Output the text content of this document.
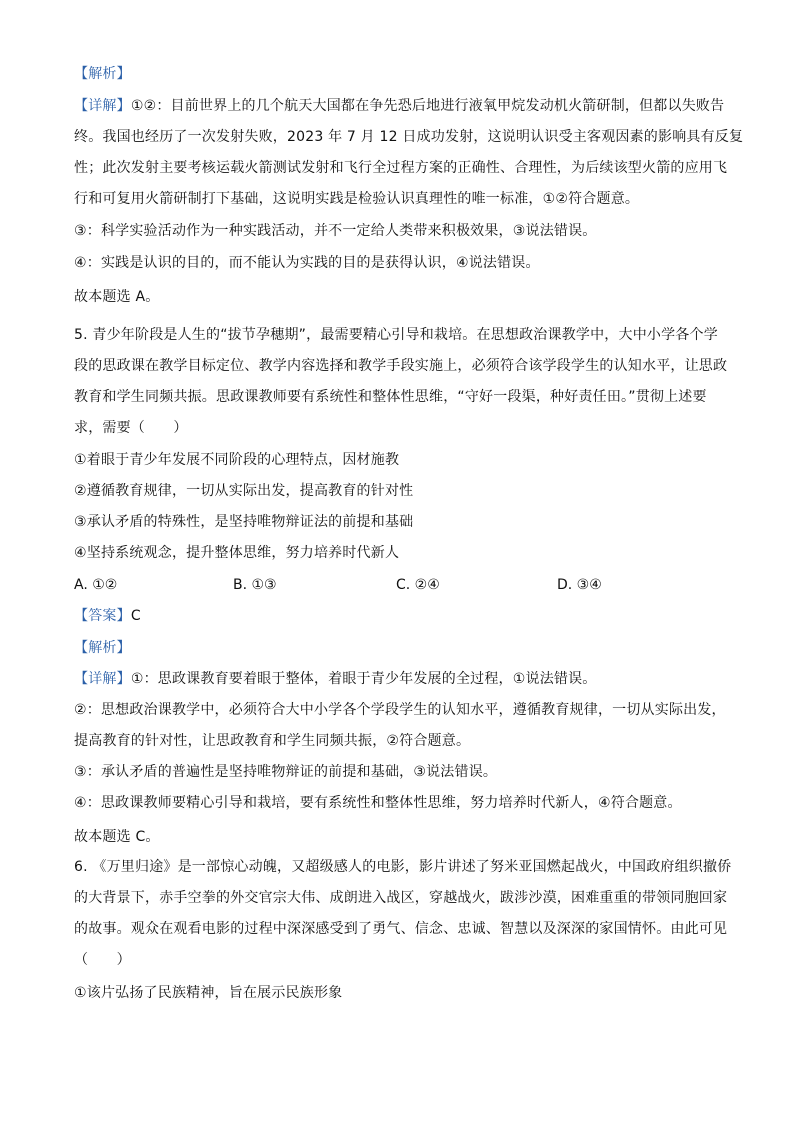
【解析】
【详解】①②：目前世界上的几个航天大国都在争先恐后地进行液氧甲烷发动机火箭研制，但都以失败告
终。我国也经历了一次发射失败，2023 年 7 月 12 日成功发射，这说明认识受主客观因素的影响具有反复
性；此次发射主要考核运载火箭测试发射和飞行全过程方案的正确性、合理性，为后续该型火箭的应用飞
行和可复用火箭研制打下基础，这说明实践是检验认识真理性的唯一标准，①②符合题意。
③：科学实验活动作为一种实践活动，并不一定给人类带来积极效果，③说法错误。
④：实践是认识的目的，而不能认为实践的目的是获得认识，④说法错误。
故本题选 A。
5. 青少年阶段是人生的“拔节孕穗期”，最需要精心引导和栽培。在思想政治课教学中，大中小学各个学
段的思政课在教学目标定位、教学内容选择和教学手段实施上，必须符合该学段学生的认知水平，让思政
教育和学生同频共振。思政课教师要有系统性和整体性思维，“守好一段渠，种好责任田。”贯彻上述要
求，需要（　　）
①着眼于青少年发展不同阶段的心理特点，因材施教
②遵循教育规律，一切从实际出发，提高教育的针对性
③承认矛盾的特殊性，是坚持唯物辩证法的前提和基础
④坚持系统观念，提升整体思维，努力培养时代新人
A. ①②	B. ①③	C. ②④	D. ③④
【答案】C
【解析】
【详解】①：思政课教育要着眼于整体，着眼于青少年发展的全过程，①说法错误。
②：思想政治课教学中，必须符合大中小学各个学段学生的认知水平，遵循教育规律，一切从实际出发，
提高教育的针对性，让思政教育和学生同频共振，②符合题意。
③：承认矛盾的普遍性是坚持唯物辩证的前提和基础，③说法错误。
④：思政课教师要精心引导和栽培，要有系统性和整体性思维，努力培养时代新人，④符合题意。
故本题选 C。
6. 《万里归途》是一部惊心动魄，又超级感人的电影，影片讲述了努米亚国燃起战火，中国政府组织撤侨
的大背景下，赤手空拳的外交官宗大伟、成朗进入战区，穿越战火，跋涉沙漠，困难重重的带领同胞回家
的故事。观众在观看电影的过程中深深感受到了勇气、信念、忠诚、智慧以及深深的家国情怀。由此可见
（　　）
①该片弘扬了民族精神，旨在展示民族形象
